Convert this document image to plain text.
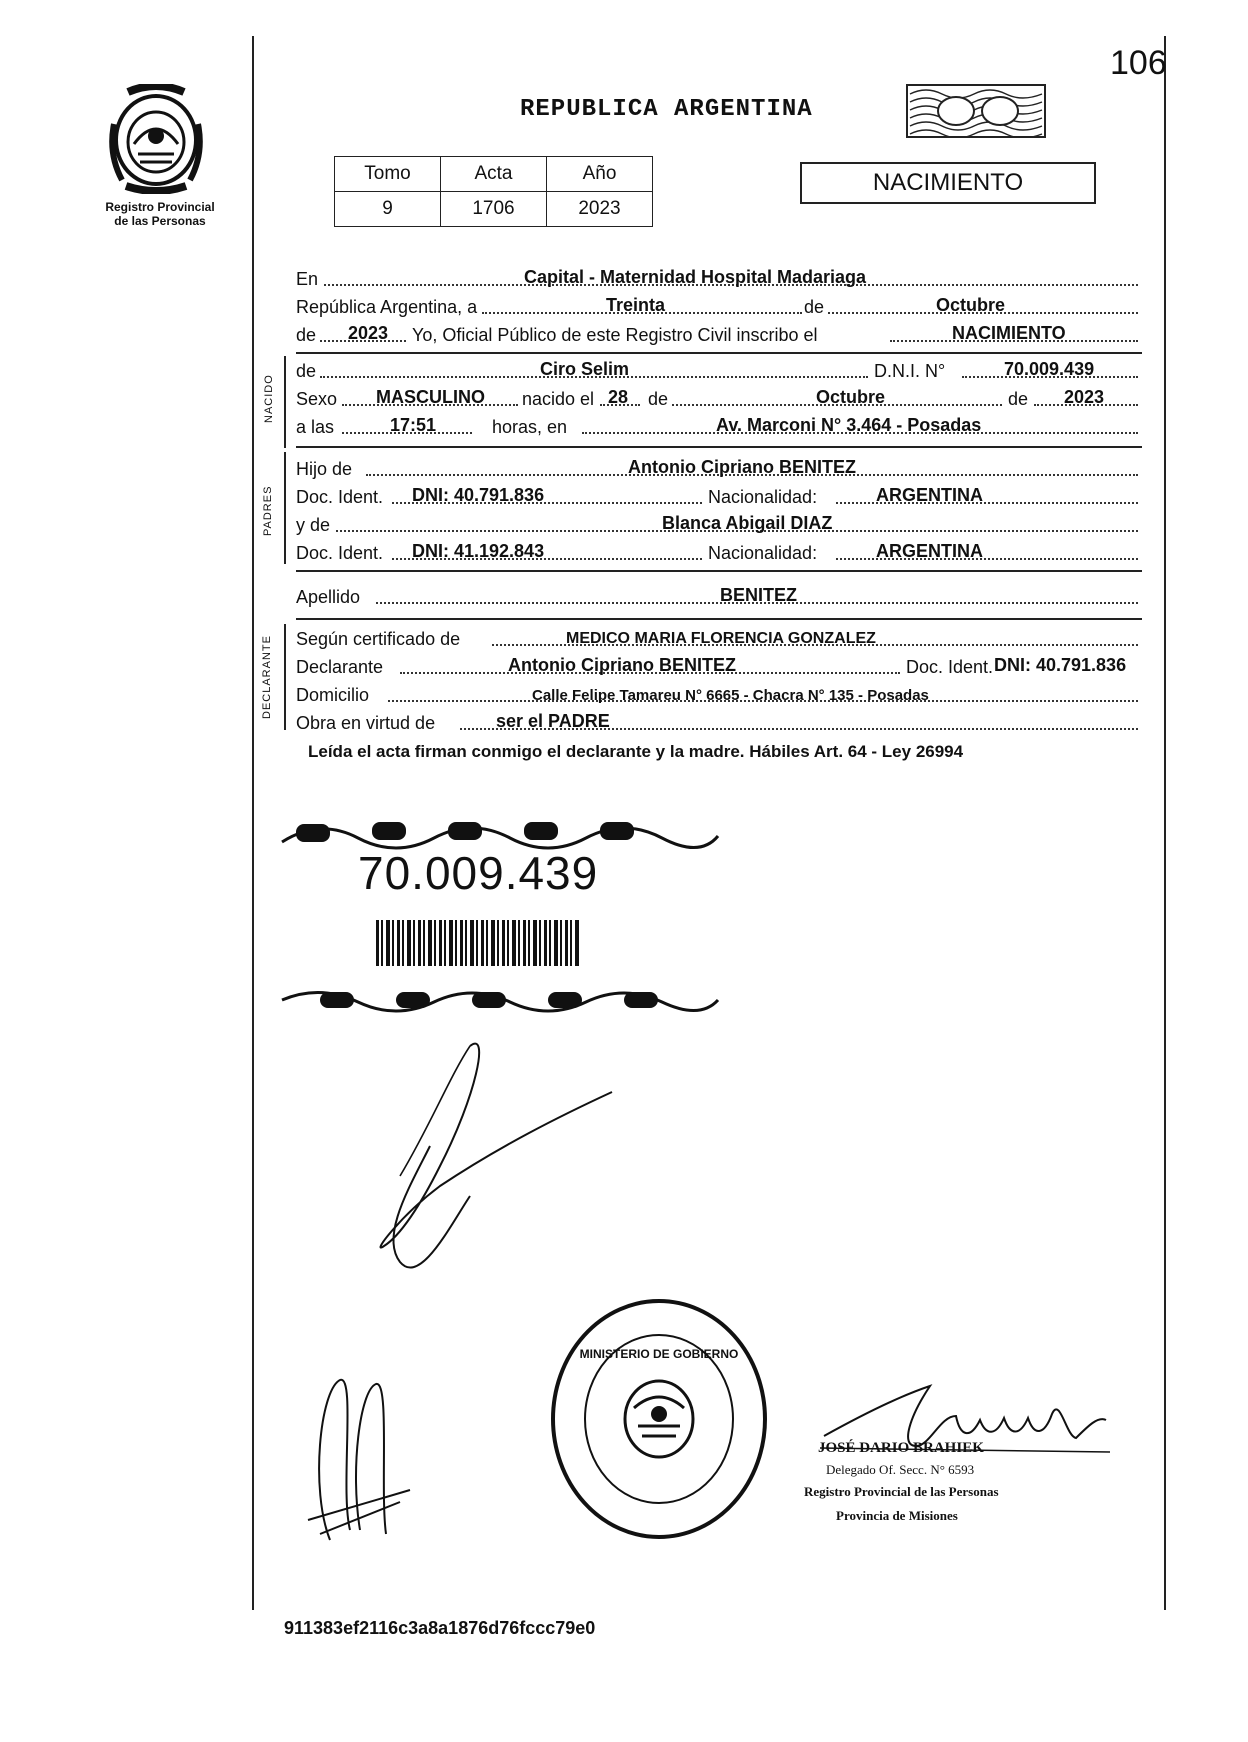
106
Registro Provincial
de las Personas
REPUBLICA ARGENTINA
Tomo	Acta	Año
9	1706	2023
NACIMIENTO
En	Capital - Maternidad Hospital Madariaga
República Argentina, a	Treinta	de	Octubre
de 2023 Yo, Oficial Público de este Registro Civil inscribo el	NACIMIENTO
NACIDO
de	Ciro Selim	D.N.I. N°	70.009.439
Sexo MASCULINO nacido el 28 de	Octubre	de 2023
a las	17:51	horas, en	Av. Marconi N° 3.464 - Posadas
PADRES
Hijo de	Antonio Cipriano BENITEZ
Doc. Ident. DNI: 40.791.836	Nacionalidad:	ARGENTINA
y de	Blanca Abigail DIAZ
Doc. Ident. DNI: 41.192.843	Nacionalidad:	ARGENTINA
Apellido	BENITEZ
DECLARANTE Según certificado de	MEDICO MARIA FLORENCIA GONZALEZ
Declarante	Antonio Cipriano BENITEZ	Doc. Ident. DNI: 40.791.836
Domicilio	Calle Felipe Tamareu N° 6665 - Chacra N° 135 - Posadas
Obra en virtud de	ser el PADRE
Leída el acta firman conmigo el declarante y la madre. Hábiles Art. 64 - Ley 26994
70.009.439
MINISTERIO DE GOBIERNO
JOSÉ DARIO BRAHIEK
Delegado Of. Secc. N° 6593
Registro Provincial de las Personas
Provincia de Misiones
911383ef2116c3a8a1876d76fccc79e0
